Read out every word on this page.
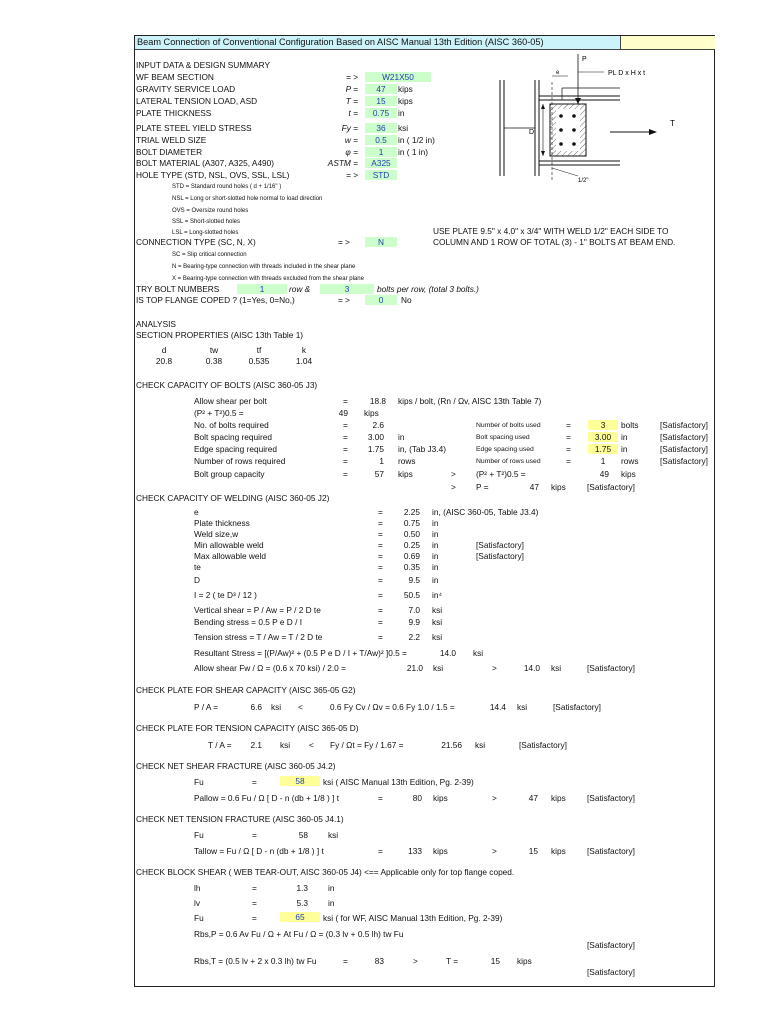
Beam Connection of Conventional Configuration Based on AISC Manual 13th Edition (AISC 360-05)
INPUT DATA & DESIGN SUMMARY
WF BEAM SECTION	= >	W21X50
GRAVITY SERVICE LOAD	P =	47	kips
LATERAL TENSION LOAD, ASD	T =	15	kips
PLATE THICKNESS	t =	0.75	in
PLATE STEEL YIELD STRESS	Fy =	36	ksi
TRIAL WELD SIZE	w =	0.5	in ( 1/2 in)
BOLT DIAMETER	φ =	1	in ( 1 in)
BOLT MATERIAL (A307, A325, A490)	ASTM =	A325
HOLE TYPE (STD, NSL, OVS, SSL, LSL)	= >	STD
STD = Standard round holes ( d + 1/16" )
NSL = Long or short-slotted hole normal to load direction
OVS = Oversize round holes
SSL = Short-slotted holes
LSL = Long-slotted holes
CONNECTION TYPE (SC, N, X)	= >	N
SC = Slip critical connection
N = Bearing-type connection with threads included in the shear plane
X = Bearing-type connection with threads excluded from the shear plane
TRY BOLT NUMBERS	1	row &	3	bolts per row, (total 3 bolts.)
IS TOP FLANGE COPED ? (1=Yes, 0=No,)	= >	0	No
USE PLATE 9.5" x 4.0" x 3/4" WITH WELD 1/2" EACH SIDE TO
COLUMN AND 1 ROW OF TOTAL (3) - 1" BOLTS AT BEAM END.
P
PL D x H x t
T
D
e
1/2"
ANALYSIS
SECTION PROPERTIES (AISC 13th Table 1)
d	tw	tf	k
20.8	0.38	0.535	1.04
CHECK CAPACITY OF BOLTS (AISC 360-05 J3)
Allow shear per bolt	=	18.8 kips / bolt, (Rn / Ωv, AISC 13th Table 7)
(P² + T²)0.5 =	49 kips
No. of bolts required	=	2.6	Number of bolts used	=	3	bolts	[Satisfactory]
Bolt spacing required	=	3.00 in	Bolt spacing used	=	3.00	in	[Satisfactory]
Edge spacing required	=	1.75 in, (Tab J3.4)	Edge spacing used	=	1.75	in	[Satisfactory]
Number of rows required	=	1 rows	Number of rows used	=	1	rows	[Satisfactory]
Bolt group capacity	=	57 kips	> (P² + T²)0.5 =	49 kips
> P =	47 kips	[Satisfactory]
CHECK CAPACITY OF WELDING (AISC 360-05 J2)
e	=	2.25 in, (AISC 360-05, Table J3.4)
Plate thickness	=	0.75 in
Weld size,w	=	0.50 in
Min allowable weld	=	0.25 in	[Satisfactory]
Max allowable weld	=	0.69 in	[Satisfactory]
te	=	0.35 in
D	=	9.5 in
I = 2 ( te D³ / 12 )	=	50.5 in⁴
Vertical shear = P / Aw = P / 2 D te	=	7.0 ksi
Bending stress = 0.5 P e D / I	=	9.9 ksi
Tension stress = T / Aw = T / 2 D te	=	2.2 ksi
Resultant Stress = [(P/Aw)² + (0.5 P e D / I + T/Aw)² ]0.5 =	14.0 ksi
Allow shear Fw / Ω = (0.6 x 70 ksi) / 2.0 =	21.0 ksi	>	14.0 ksi	[Satisfactory]
CHECK PLATE FOR SHEAR CAPACITY (AISC 365-05 G2)
P / A =	6.6 ksi <	0.6 Fy Cv / Ωv = 0.6 Fy 1.0 / 1.5 =	14.4 ksi	[Satisfactory]
CHECK PLATE FOR TENSION CAPACITY (AISC 365-05 D)
T / A =	2.1 ksi < Fy / Ωt = Fy / 1.67 =	21.56 ksi	[Satisfactory]
CHECK NET SHEAR FRACTURE (AISC 360-05 J4.2)
Fu	=	58	ksi ( AISC Manual 13th Edition, Pg. 2-39)
Pallow = 0.6 Fu / Ω [ D - n (db + 1/8 ) ] t	=	80 kips	>	47 kips	[Satisfactory]
CHECK NET TENSION FRACTURE (AISC 360-05 J4.1)
Fu	=	58 ksi
Tallow = Fu / Ω [ D - n (db + 1/8 ) ] t	=	133 kips	>	15 kips	[Satisfactory]
CHECK BLOCK SHEAR ( WEB TEAR-OUT, AISC 360-05 J4) <== Applicable only for top flange coped.
lh	=	1.3 in
lv	=	5.3 in
Fu	=	65	ksi ( for WF, AISC Manual 13th Edition, Pg. 2-39)
Rbs,P = 0.6 Av Fu / Ω + At Fu / Ω = (0.3 lv + 0.5 lh) tw Fu
[Satisfactory]
Rbs,T = (0.5 lv + 2 x 0.3 lh) tw Fu	=	83	>	T =	15 kips
[Satisfactory]
